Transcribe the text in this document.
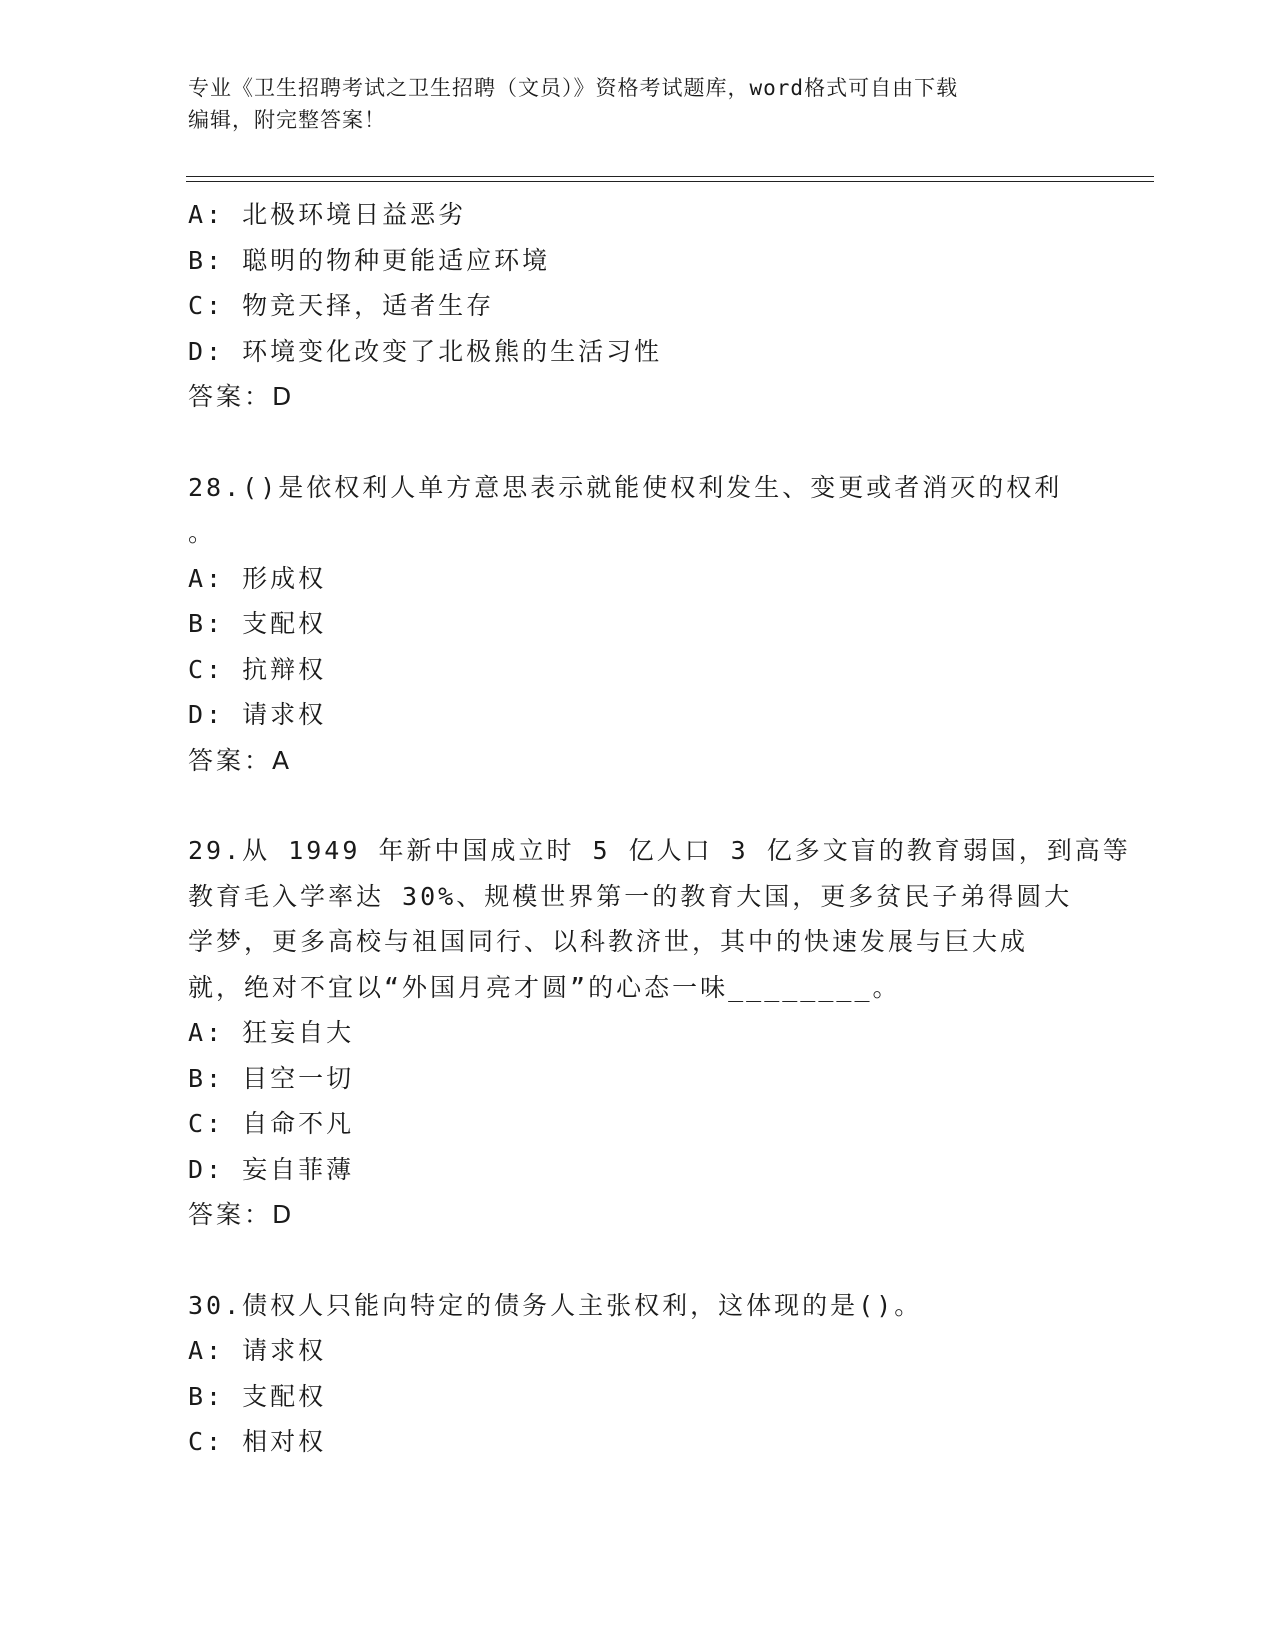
专业《卫生招聘考试之卫生招聘（文员）》资格考试题库，word格式可自由下载
编辑，附完整答案！
A: 北极环境日益恶劣
B: 聪明的物种更能适应环境
C: 物竞天择，适者生存
D: 环境变化改变了北极熊的生活习性
答案：D
28.()是依权利人单方意思表示就能使权利发生、变更或者消灭的权利
。
A: 形成权
B: 支配权
C: 抗辩权
D: 请求权
答案：A
29.从 1949 年新中国成立时 5 亿人口 3 亿多文盲的教育弱国，到高等
教育毛入学率达 30%、规模世界第一的教育大国，更多贫民子弟得圆大
学梦，更多高校与祖国同行、以科教济世，其中的快速发展与巨大成
就，绝对不宜以“外国月亮才圆”的心态一味________。
A: 狂妄自大
B: 目空一切
C: 自命不凡
D: 妄自菲薄
答案：D
30.债权人只能向特定的债务人主张权利，这体现的是()。
A: 请求权
B: 支配权
C: 相对权
